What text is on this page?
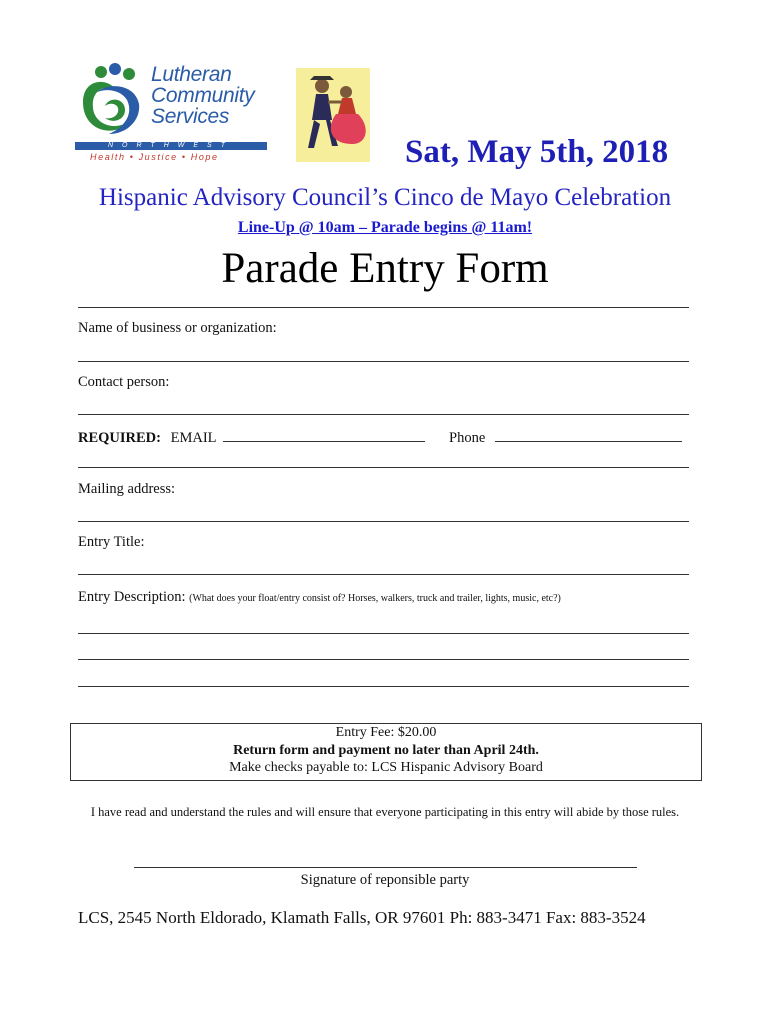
Lutheran
Community
Services
NORTHWEST
Health • Justice • Hope	Sat, May 5th, 2018
Hispanic Advisory Council’s Cinco de Mayo Celebration
Line-Up @ 10am – Parade begins @ 11am!
Parade Entry Form
Name of business or organization:
Contact person:
REQUIRED: EMAIL	Phone
Mailing address:
Entry Title:
Entry Description: (What does your float/entry consist of? Horses, walkers, truck and trailer, lights, music, etc?)
Entry Fee: $20.00
Return form and payment no later than April 24th.
Make checks payable to: LCS Hispanic Advisory Board
I have read and understand the rules and will ensure that everyone participating in this entry will abide by those rules.
Signature of reponsible party
LCS, 2545 North Eldorado, Klamath Falls, OR 97601 Ph: 883-3471 Fax: 883-3524
